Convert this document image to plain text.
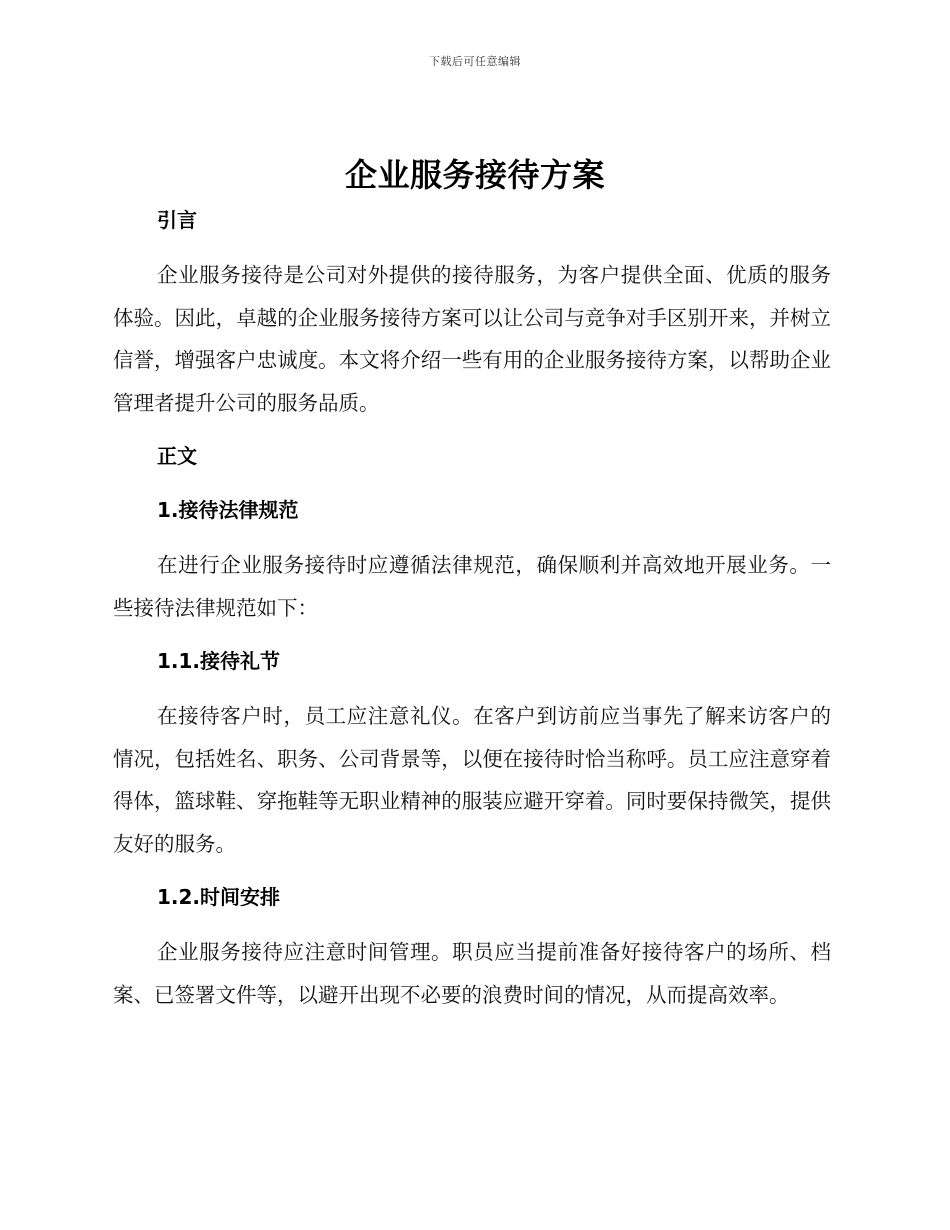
下载后可任意编辑
企业服务接待方案

引言

企业服务接待是公司对外提供的接待服务，为客户提供全面、优质的服务体验。因此，卓越的企业服务接待方案可以让公司与竞争对手区别开来，并树立信誉，增强客户忠诚度。本文将介绍一些有用的企业服务接待方案，以帮助企业管理者提升公司的服务品质。

正文

1.接待法律规范

在进行企业服务接待时应遵循法律规范，确保顺利并高效地开展业务。一些接待法律规范如下：

1.1.接待礼节

在接待客户时，员工应注意礼仪。在客户到访前应当事先了解来访客户的情况，包括姓名、职务、公司背景等，以便在接待时恰当称呼。员工应注意穿着得体，篮球鞋、穿拖鞋等无职业精神的服装应避开穿着。同时要保持微笑，提供友好的服务。

1.2.时间安排

企业服务接待应注意时间管理。职员应当提前准备好接待客户的场所、档案、已签署文件等，以避开出现不必要的浪费时间的情况，从而提高效率。
